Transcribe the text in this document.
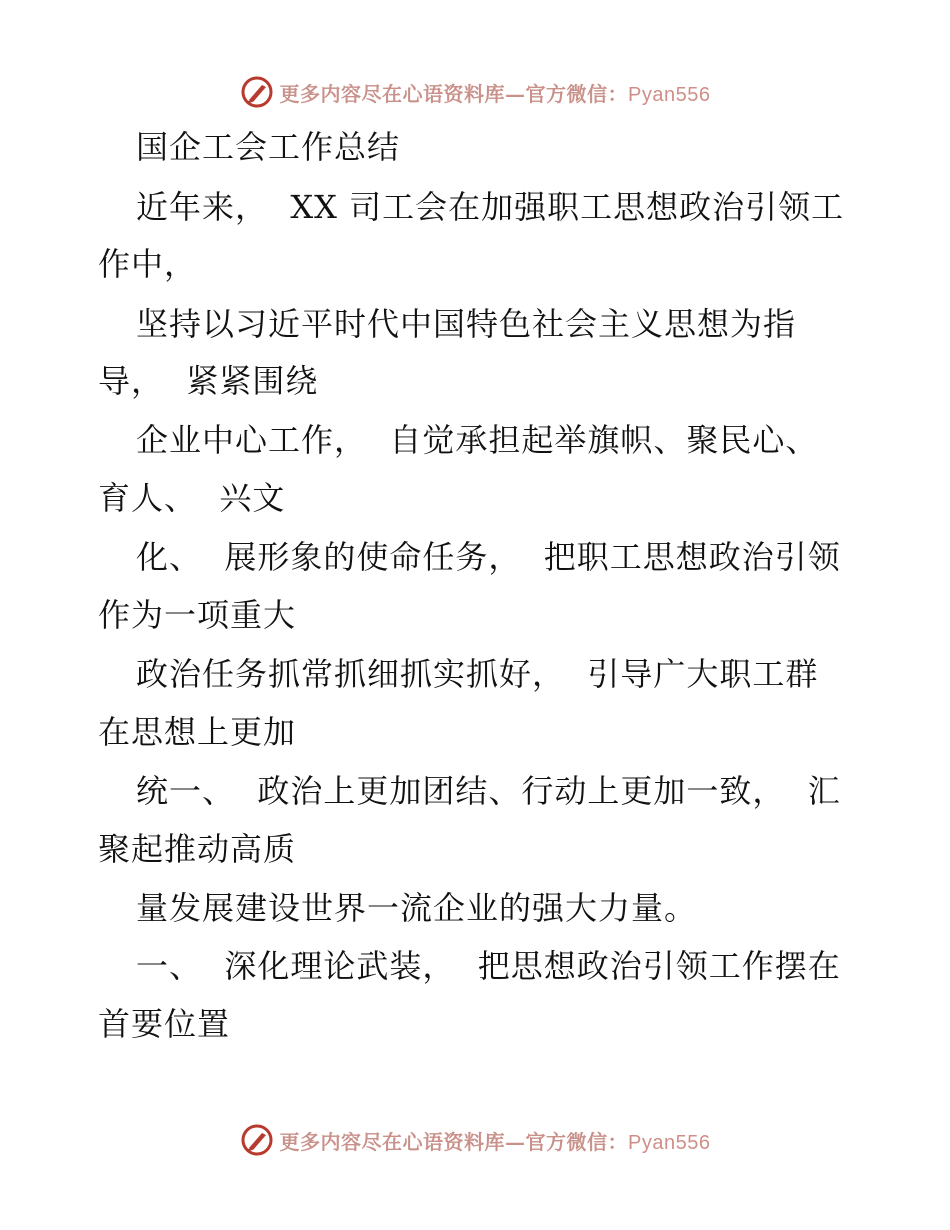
更多内容尽在心语资料库—官方微信：Pyan556
国企工会工作总结
近年来，  XX 司工会在加强职工思想政治引领工
作中，
坚持以习近平时代中国特色社会主义思想为指
导，  紧紧围绕
企业中心工作，  自觉承担起举旗帜、聚民心、
育人、  兴文
化、  展形象的使命任务，  把职工思想政治引领
作为一项重大
政治任务抓常抓细抓实抓好，  引导广大职工群
在思想上更加
统一、  政治上更加团结、行动上更加一致，  汇
聚起推动高质
量发展建设世界一流企业的强大力量。
一、  深化理论武装，  把思想政治引领工作摆在
首要位置
更多内容尽在心语资料库—官方微信：Pyan556
